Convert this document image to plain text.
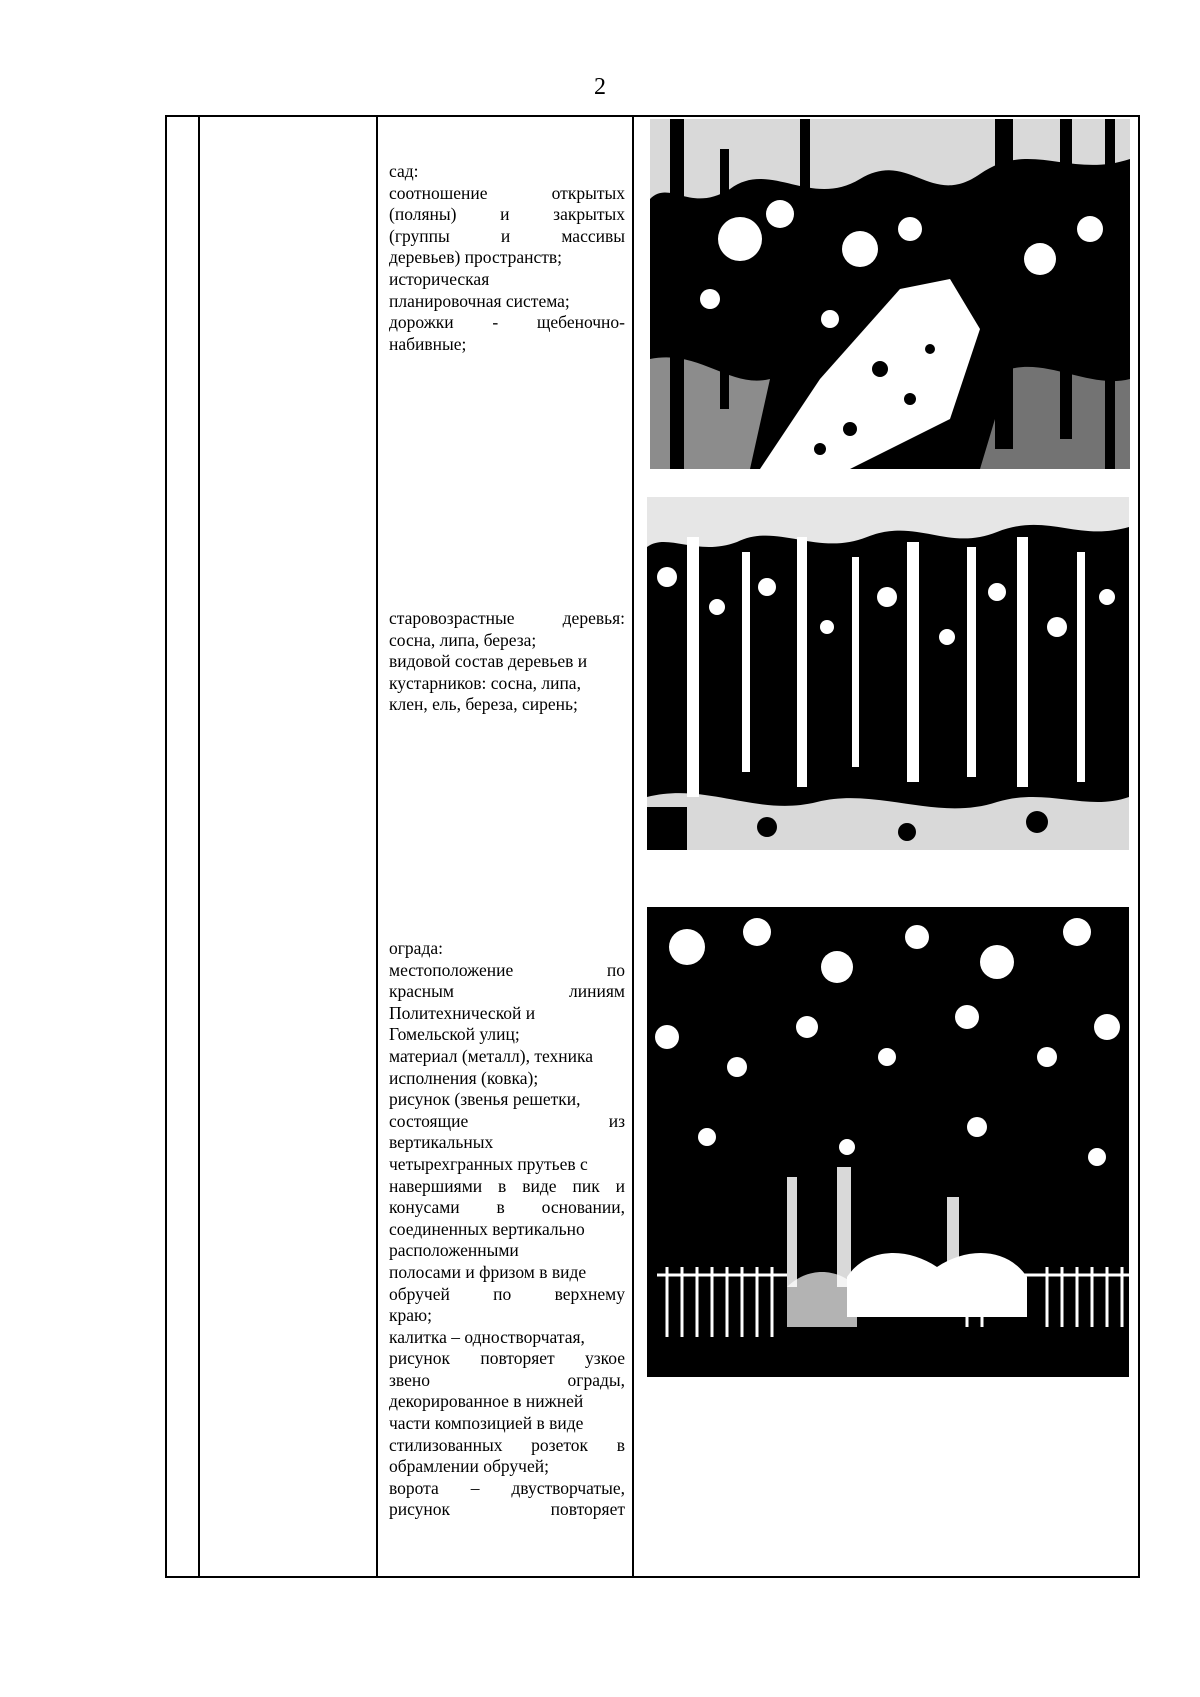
2
сад:
соотношение открытых
(поляны) и закрытых
(группы и массивы
деревьев) пространств;
историческая
планировочная система;
дорожки - щебеночно-
набивные;
старовозрастные деревья:
сосна, липа, береза;
видовой состав деревьев и
кустарников: сосна, липа,
клен, ель, береза, сирень;
ограда:
местоположение по
красным линиям
Политехнической и
Гомельской улиц;
материал (металл), техника
исполнения (ковка);
рисунок (звенья решетки,
состоящие из
вертикальных
четырехгранных прутьев с
навершиями в виде пик и
конусами в основании,
соединенных вертикально
расположенными
полосами и фризом в виде
обручей по верхнему
краю;
калитка – одностворчатая,
рисунок повторяет узкое
звено ограды,
декорированное в нижней
части композицией в виде
стилизованных розеток в
обрамлении обручей;
ворота – двустворчатые,
рисунок повторяет
